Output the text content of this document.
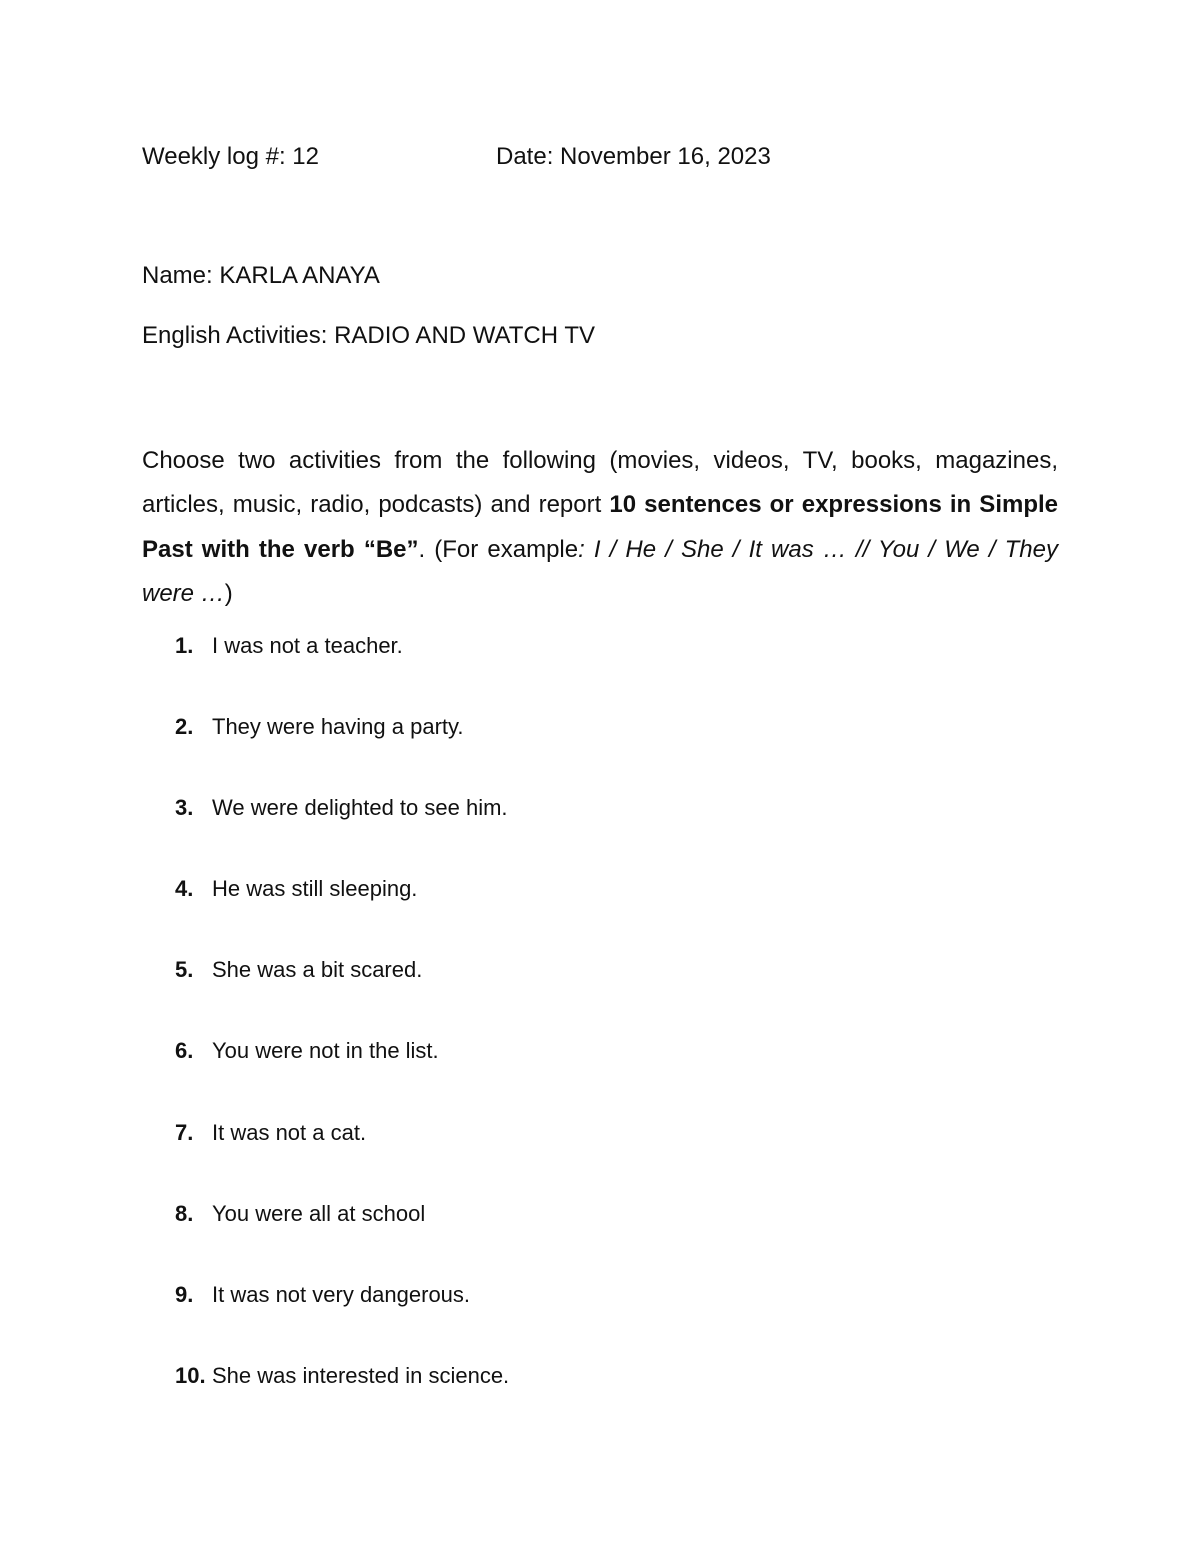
Weekly log #: 12	Date: November 16, 2023
Name: KARLA ANAYA
English Activities: RADIO AND WATCH TV
Choose two activities from the following (movies, videos, TV, books, magazines, articles, music, radio, podcasts) and report 10 sentences or expressions in Simple Past with the verb “Be”. (For example: I / He / She / It was … // You / We / They were …)
1. I was not a teacher.
2. They were having a party.
3. We were delighted to see him.
4. He was still sleeping.
5. She was a bit scared.
6. You were not in the list.
7. It was not a cat.
8. You were all at school
9. It was not very dangerous.
10. She was interested in science.
